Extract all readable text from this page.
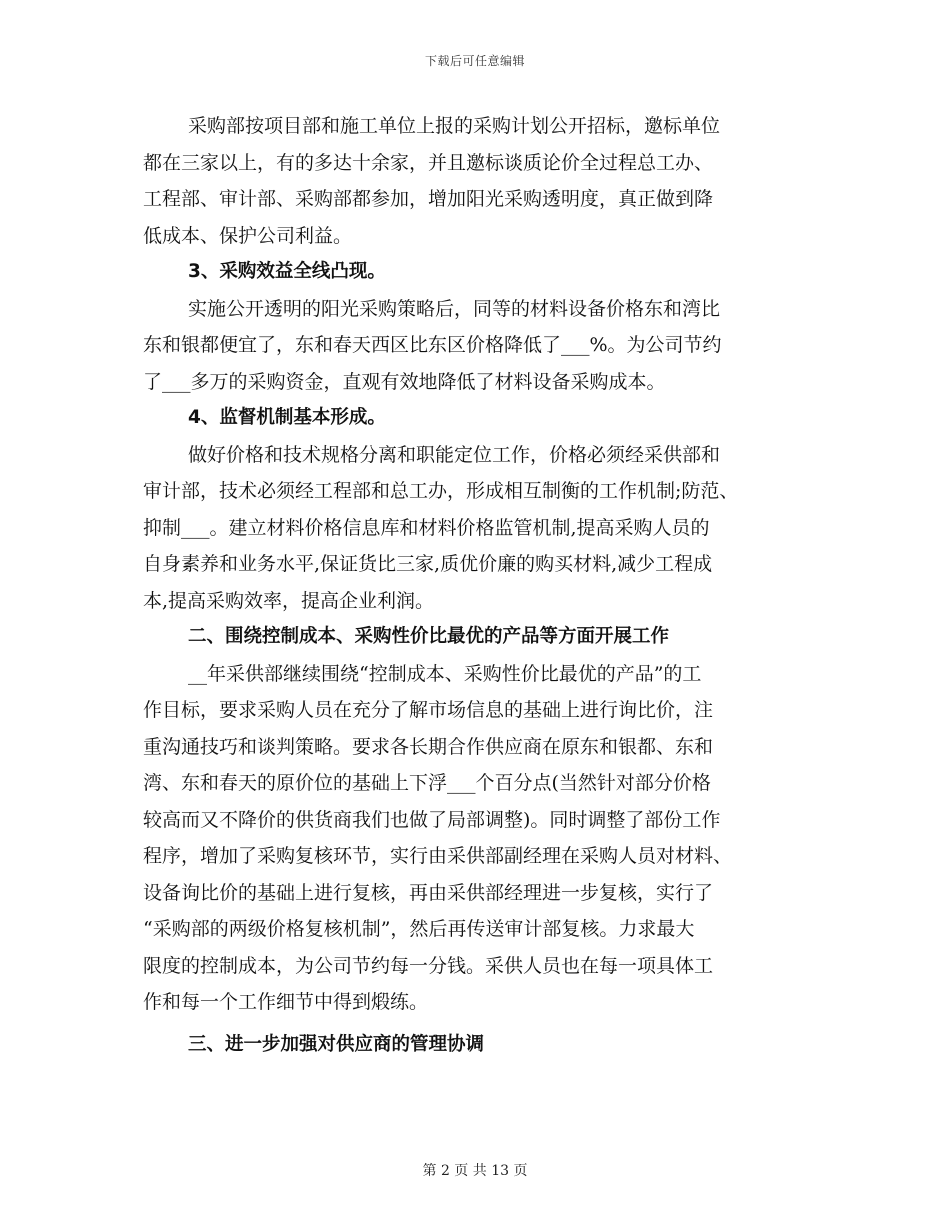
下载后可任意编辑
采购部按项目部和施工单位上报的采购计划公开招标，邀标单位
都在三家以上，有的多达十余家，并且邀标谈质论价全过程总工办、
工程部、审计部、采购部都参加，增加阳光采购透明度，真正做到降
低成本、保护公司利益。
3、采购效益全线凸现。
实施公开透明的阳光采购策略后，同等的材料设备价格东和湾比
东和银都便宜了，东和春天西区比东区价格降低了___%。为公司节约
了___多万的采购资金，直观有效地降低了材料设备采购成本。
4、监督机制基本形成。
做好价格和技术规格分离和职能定位工作，价格必须经采供部和
审计部，技术必须经工程部和总工办，形成相互制衡的工作机制;防范、
抑制___。建立材料价格信息库和材料价格监管机制,提高采购人员的
自身素养和业务水平,保证货比三家,质优价廉的购买材料,减少工程成
本,提高采购效率，提高企业利润。
二、围绕控制成本、采购性价比最优的产品等方面开展工作
__年采供部继续围绕“控制成本、采购性价比最优的产品”的工
作目标，要求采购人员在充分了解市场信息的基础上进行询比价，注
重沟通技巧和谈判策略。要求各长期合作供应商在原东和银都、东和
湾、东和春天的原价位的基础上下浮___个百分点(当然针对部分价格
较高而又不降价的供货商我们也做了局部调整)。同时调整了部份工作
程序，增加了采购复核环节，实行由采供部副经理在采购人员对材料、
设备询比价的基础上进行复核，再由采供部经理进一步复核，实行了
“采购部的两级价格复核机制”，然后再传送审计部复核。力求最大
限度的控制成本，为公司节约每一分钱。采供人员也在每一项具体工
作和每一个工作细节中得到煅练。
三、进一步加强对供应商的管理协调
第 2 页 共 13 页
